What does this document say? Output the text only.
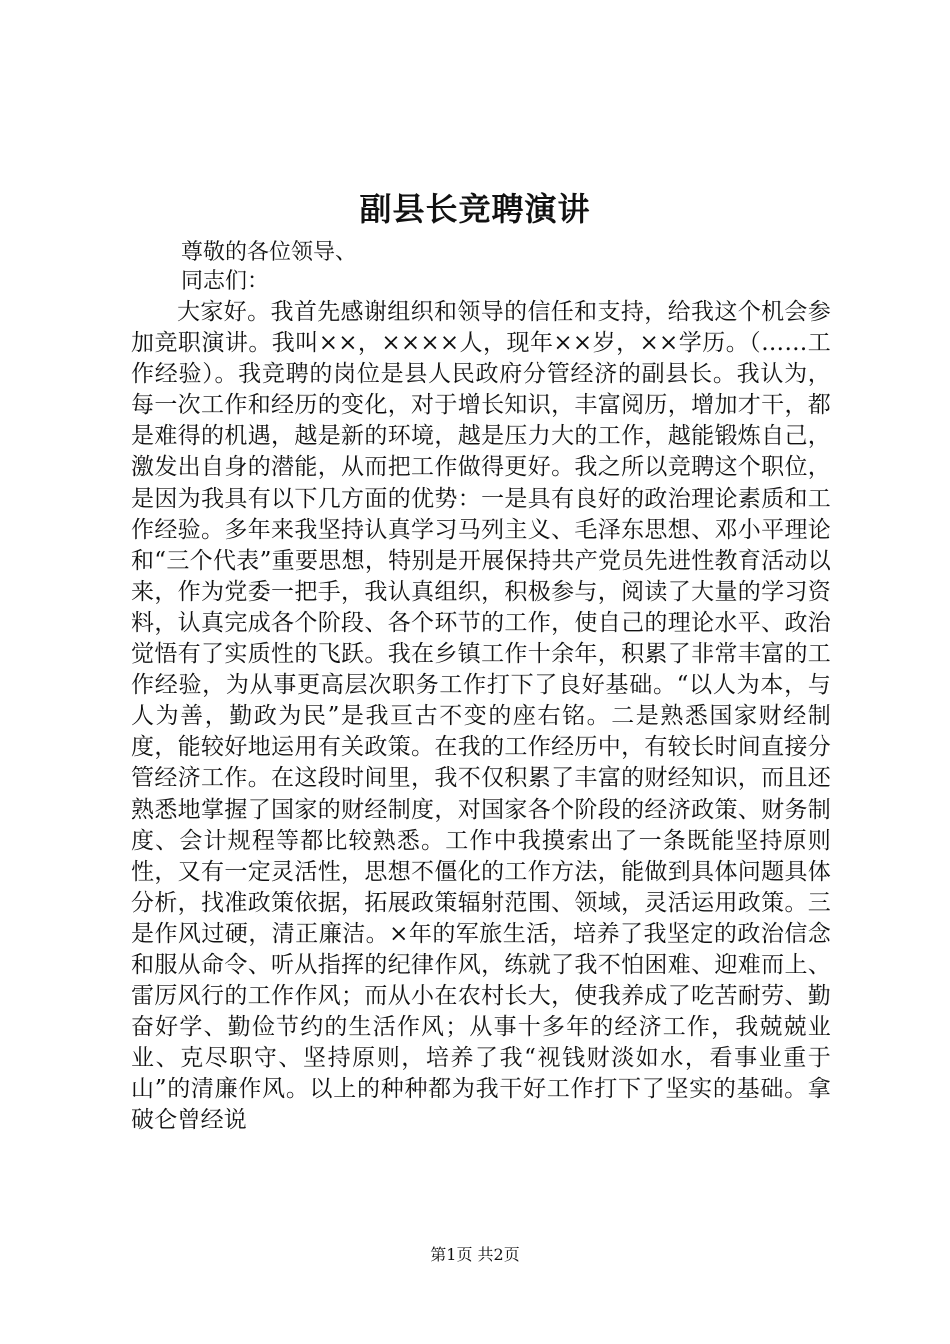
副县长竞聘演讲

尊敬的各位领导、

同志们：

大家好。我首先感谢组织和领导的信任和支持，给我这个机会参加竞职演讲。我叫××，××××人，现年××岁，××学历。（……工作经验）。我竞聘的岗位是县人民政府分管经济的副县长。我认为，每一次工作和经历的变化，对于增长知识，丰富阅历，增加才干，都是难得的机遇，越是新的环境，越是压力大的工作，越能锻炼自己，激发出自身的潜能，从而把工作做得更好。我之所以竞聘这个职位，是因为我具有以下几方面的优势：一是具有良好的政治理论素质和工作经验。多年来我坚持认真学习马列主义、毛泽东思想、邓小平理论和“三个代表”重要思想，特别是开展保持共产党员先进性教育活动以来，作为党委一把手，我认真组织，积极参与，阅读了大量的学习资料，认真完成各个阶段、各个环节的工作，使自己的理论水平、政治觉悟有了实质性的飞跃。我在乡镇工作十余年，积累了非常丰富的工作经验，为从事更高层次职务工作打下了良好基础。“以人为本，与人为善，勤政为民”是我亘古不变的座右铭。二是熟悉国家财经制度，能较好地运用有关政策。在我的工作经历中，有较长时间直接分管经济工作。在这段时间里，我不仅积累了丰富的财经知识，而且还熟悉地掌握了国家的财经制度，对国家各个阶段的经济政策、财务制度、会计规程等都比较熟悉。工作中我摸索出了一条既能坚持原则性，又有一定灵活性，思想不僵化的工作方法，能做到具体问题具体分析，找准政策依据，拓展政策辐射范围、领域，灵活运用政策。三是作风过硬，清正廉洁。×年的军旅生活，培养了我坚定的政治信念和服从命令、听从指挥的纪律作风，练就了我不怕困难、迎难而上、雷厉风行的工作作风；而从小在农村长大，使我养成了吃苦耐劳、勤奋好学、勤俭节约的生活作风；从事十多年的经济工作，我兢兢业业、克尽职守、坚持原则，培养了我“视钱财淡如水，看事业重于山”的清廉作风。以上的种种都为我干好工作打下了坚实的基础。拿破仑曾经说

第1页 共2页
